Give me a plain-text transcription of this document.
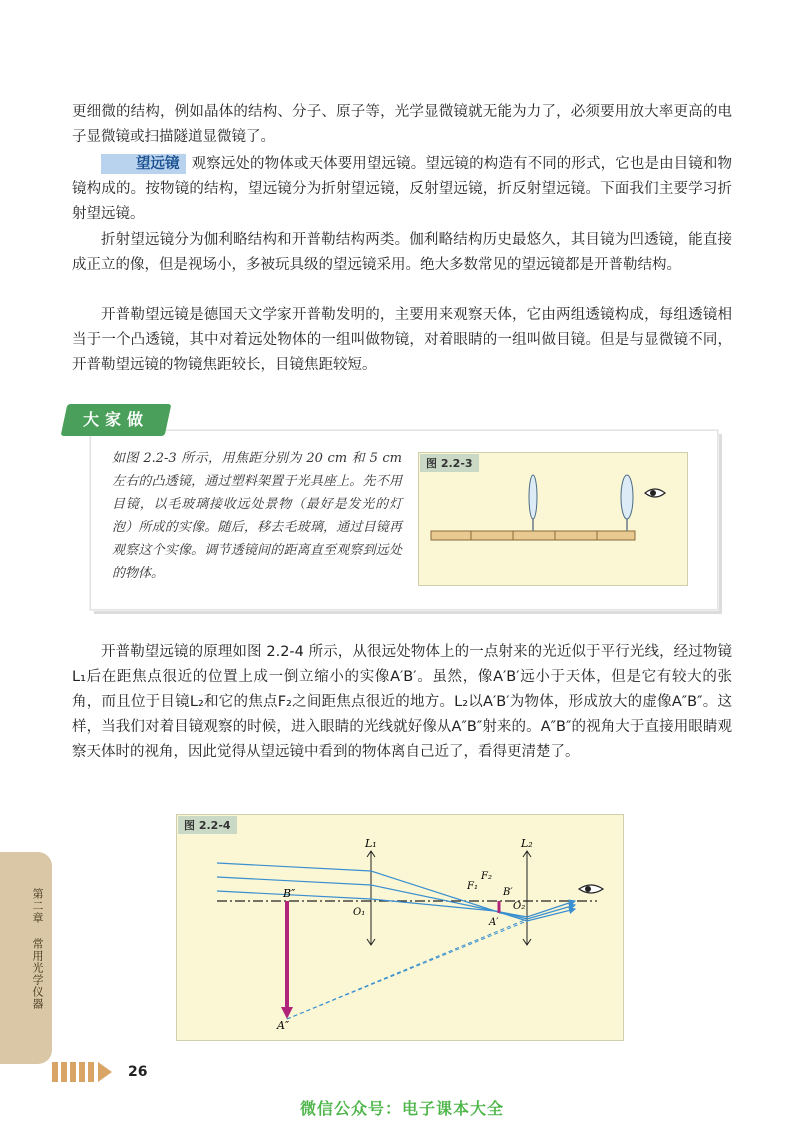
更细微的结构，例如晶体的结构、分子、原子等，光学显微镜就无能为力了，必须要用放大率更高的电子显微镜或扫描隧道显微镜了。

望远镜 观察远处的物体或天体要用望远镜。望远镜的构造有不同的形式，它也是由目镜和物镜构成的。按物镜的结构，望远镜分为折射望远镜，反射望远镜，折反射望远镜。下面我们主要学习折射望远镜。

折射望远镜分为伽利略结构和开普勒结构两类。伽利略结构历史最悠久，其目镜为凹透镜，能直接成正立的像，但是视场小，多被玩具级的望远镜采用。绝大多数常见的望远镜都是开普勒结构。

开普勒望远镜是德国天文学家开普勒发明的，主要用来观察天体，它由两组透镜构成，每组透镜相当于一个凸透镜，其中对着远处物体的一组叫做物镜，对着眼睛的一组叫做目镜。但是与显微镜不同，开普勒望远镜的物镜焦距较长，目镜焦距较短。

大家做
如图 2.2-3 所示，用焦距分别为 20 cm 和 5 cm左右的凸透镜，通过塑料架置于光具座上。先不用目镜，以毛玻璃接收远处景物（最好是发光的灯泡）所成的实像。随后，移去毛玻璃，通过目镜再观察这个实像。调节透镜间的距离直至观察到远处的物体。
图 2.2-3

开普勒望远镜的原理如图 2.2-4 所示，从很远处物体上的一点射来的光近似于平行光线，经过物镜L₁后在距焦点很近的位置上成一倒立缩小的实像A′B′。虽然，像A′B′远小于天体，但是它有较大的张角，而且位于目镜L₂和它的焦点F₂之间距焦点很近的地方。L₂以A′B′为物体，形成放大的虚像A″B″。这样，当我们对着目镜观察的时候，进入眼睛的光线就好像从A″B″射来的。A″B″的视角大于直接用眼睛观察天体时的视角，因此觉得从望远镜中看到的物体离自己近了，看得更清楚了。

L₁	L₂
B″
A″
O₁
O₂
F₁
F₂
B′
A′
图 2.2-4
第二章 常用光学仪器
26
微信公众号：电子课本大全
